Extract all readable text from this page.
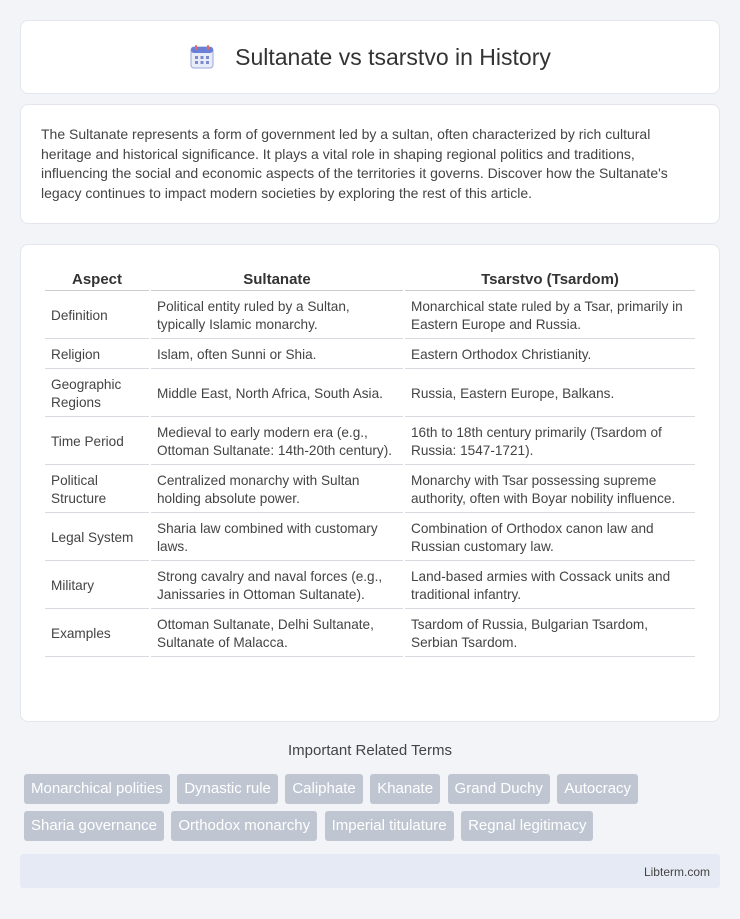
Sultanate vs tsarstvo in History

The Sultanate represents a form of government led by a sultan, often characterized by rich cultural heritage and historical significance. It plays a vital role in shaping regional politics and traditions, influencing the social and economic aspects of the territories it governs. Discover how the Sultanate's legacy continues to impact modern societies by exploring the rest of this article.

Aspect	Sultanate	Tsarstvo (Tsardom)
Definition	Political entity ruled by a Sultan, typically Islamic monarchy.	Monarchical state ruled by a Tsar, primarily in Eastern Europe and Russia.
Religion	Islam, often Sunni or Shia.	Eastern Orthodox Christianity.
Geographic Regions	Middle East, North Africa, South Asia.	Russia, Eastern Europe, Balkans.
Time Period	Medieval to early modern era (e.g., Ottoman Sultanate: 14th-20th century).	16th to 18th century primarily (Tsardom of Russia: 1547-1721).
Political Structure	Centralized monarchy with Sultan holding absolute power.	Monarchy with Tsar possessing supreme authority, often with Boyar nobility influence.
Legal System	Sharia law combined with customary laws.	Combination of Orthodox canon law and Russian customary law.
Military	Strong cavalry and naval forces (e.g., Janissaries in Ottoman Sultanate).	Land-based armies with Cossack units and traditional infantry.
Examples	Ottoman Sultanate, Delhi Sultanate, Sultanate of Malacca.	Tsardom of Russia, Bulgarian Tsardom, Serbian Tsardom.
Important Related Terms
Monarchical polities Dynastic rule Caliphate Khanate Grand Duchy Autocracy Sharia governance Orthodox monarchy Imperial titulature Regnal legitimacy
Libterm.com
